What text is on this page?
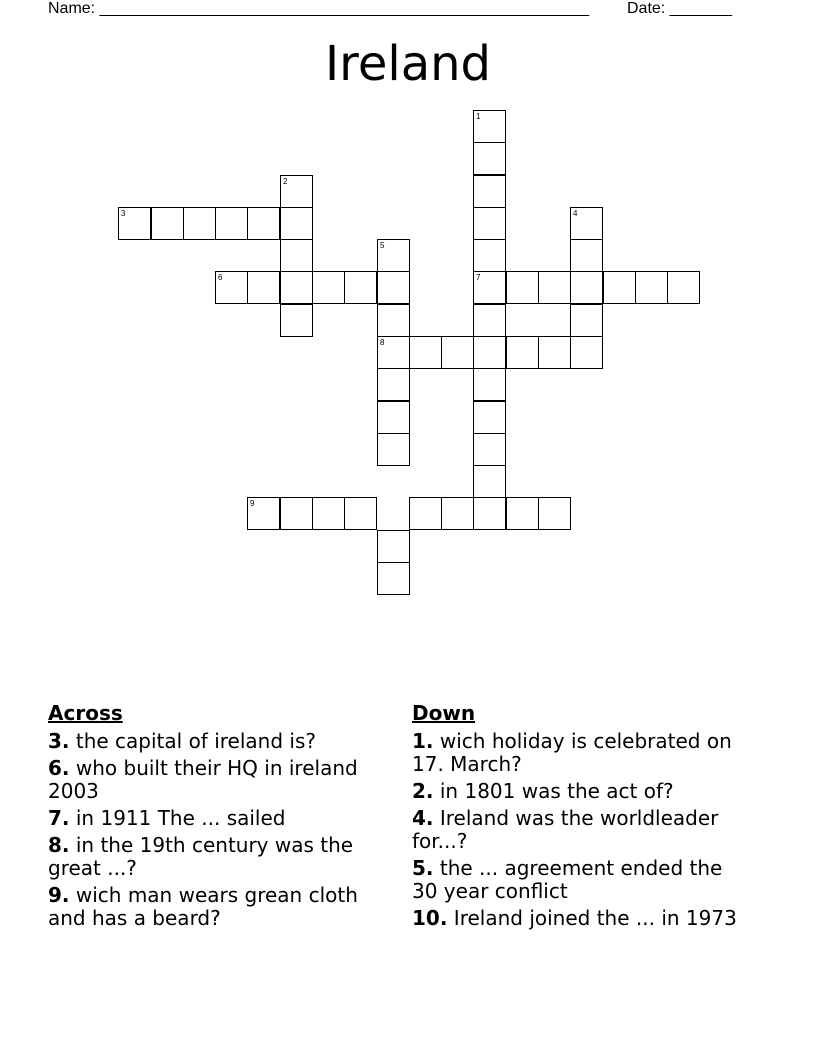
Name: _______________________________________________________ Date: _______
Ireland
1
7
2
3	4
5
8
6
9
Across
3. the capital of ireland is?
6. who built their HQ in ireland 2003
7. in 1911 The ... sailed
8. in the 19th century was the great ...?
9. wich man wears grean cloth and has a beard?
Down
1. wich holiday is celebrated on 17. March?
2. in 1801 was the act of?
4. Ireland was the worldleader for...?
5. the ... agreement ended the 30 year conflict
10. Ireland joined the ... in 1973
